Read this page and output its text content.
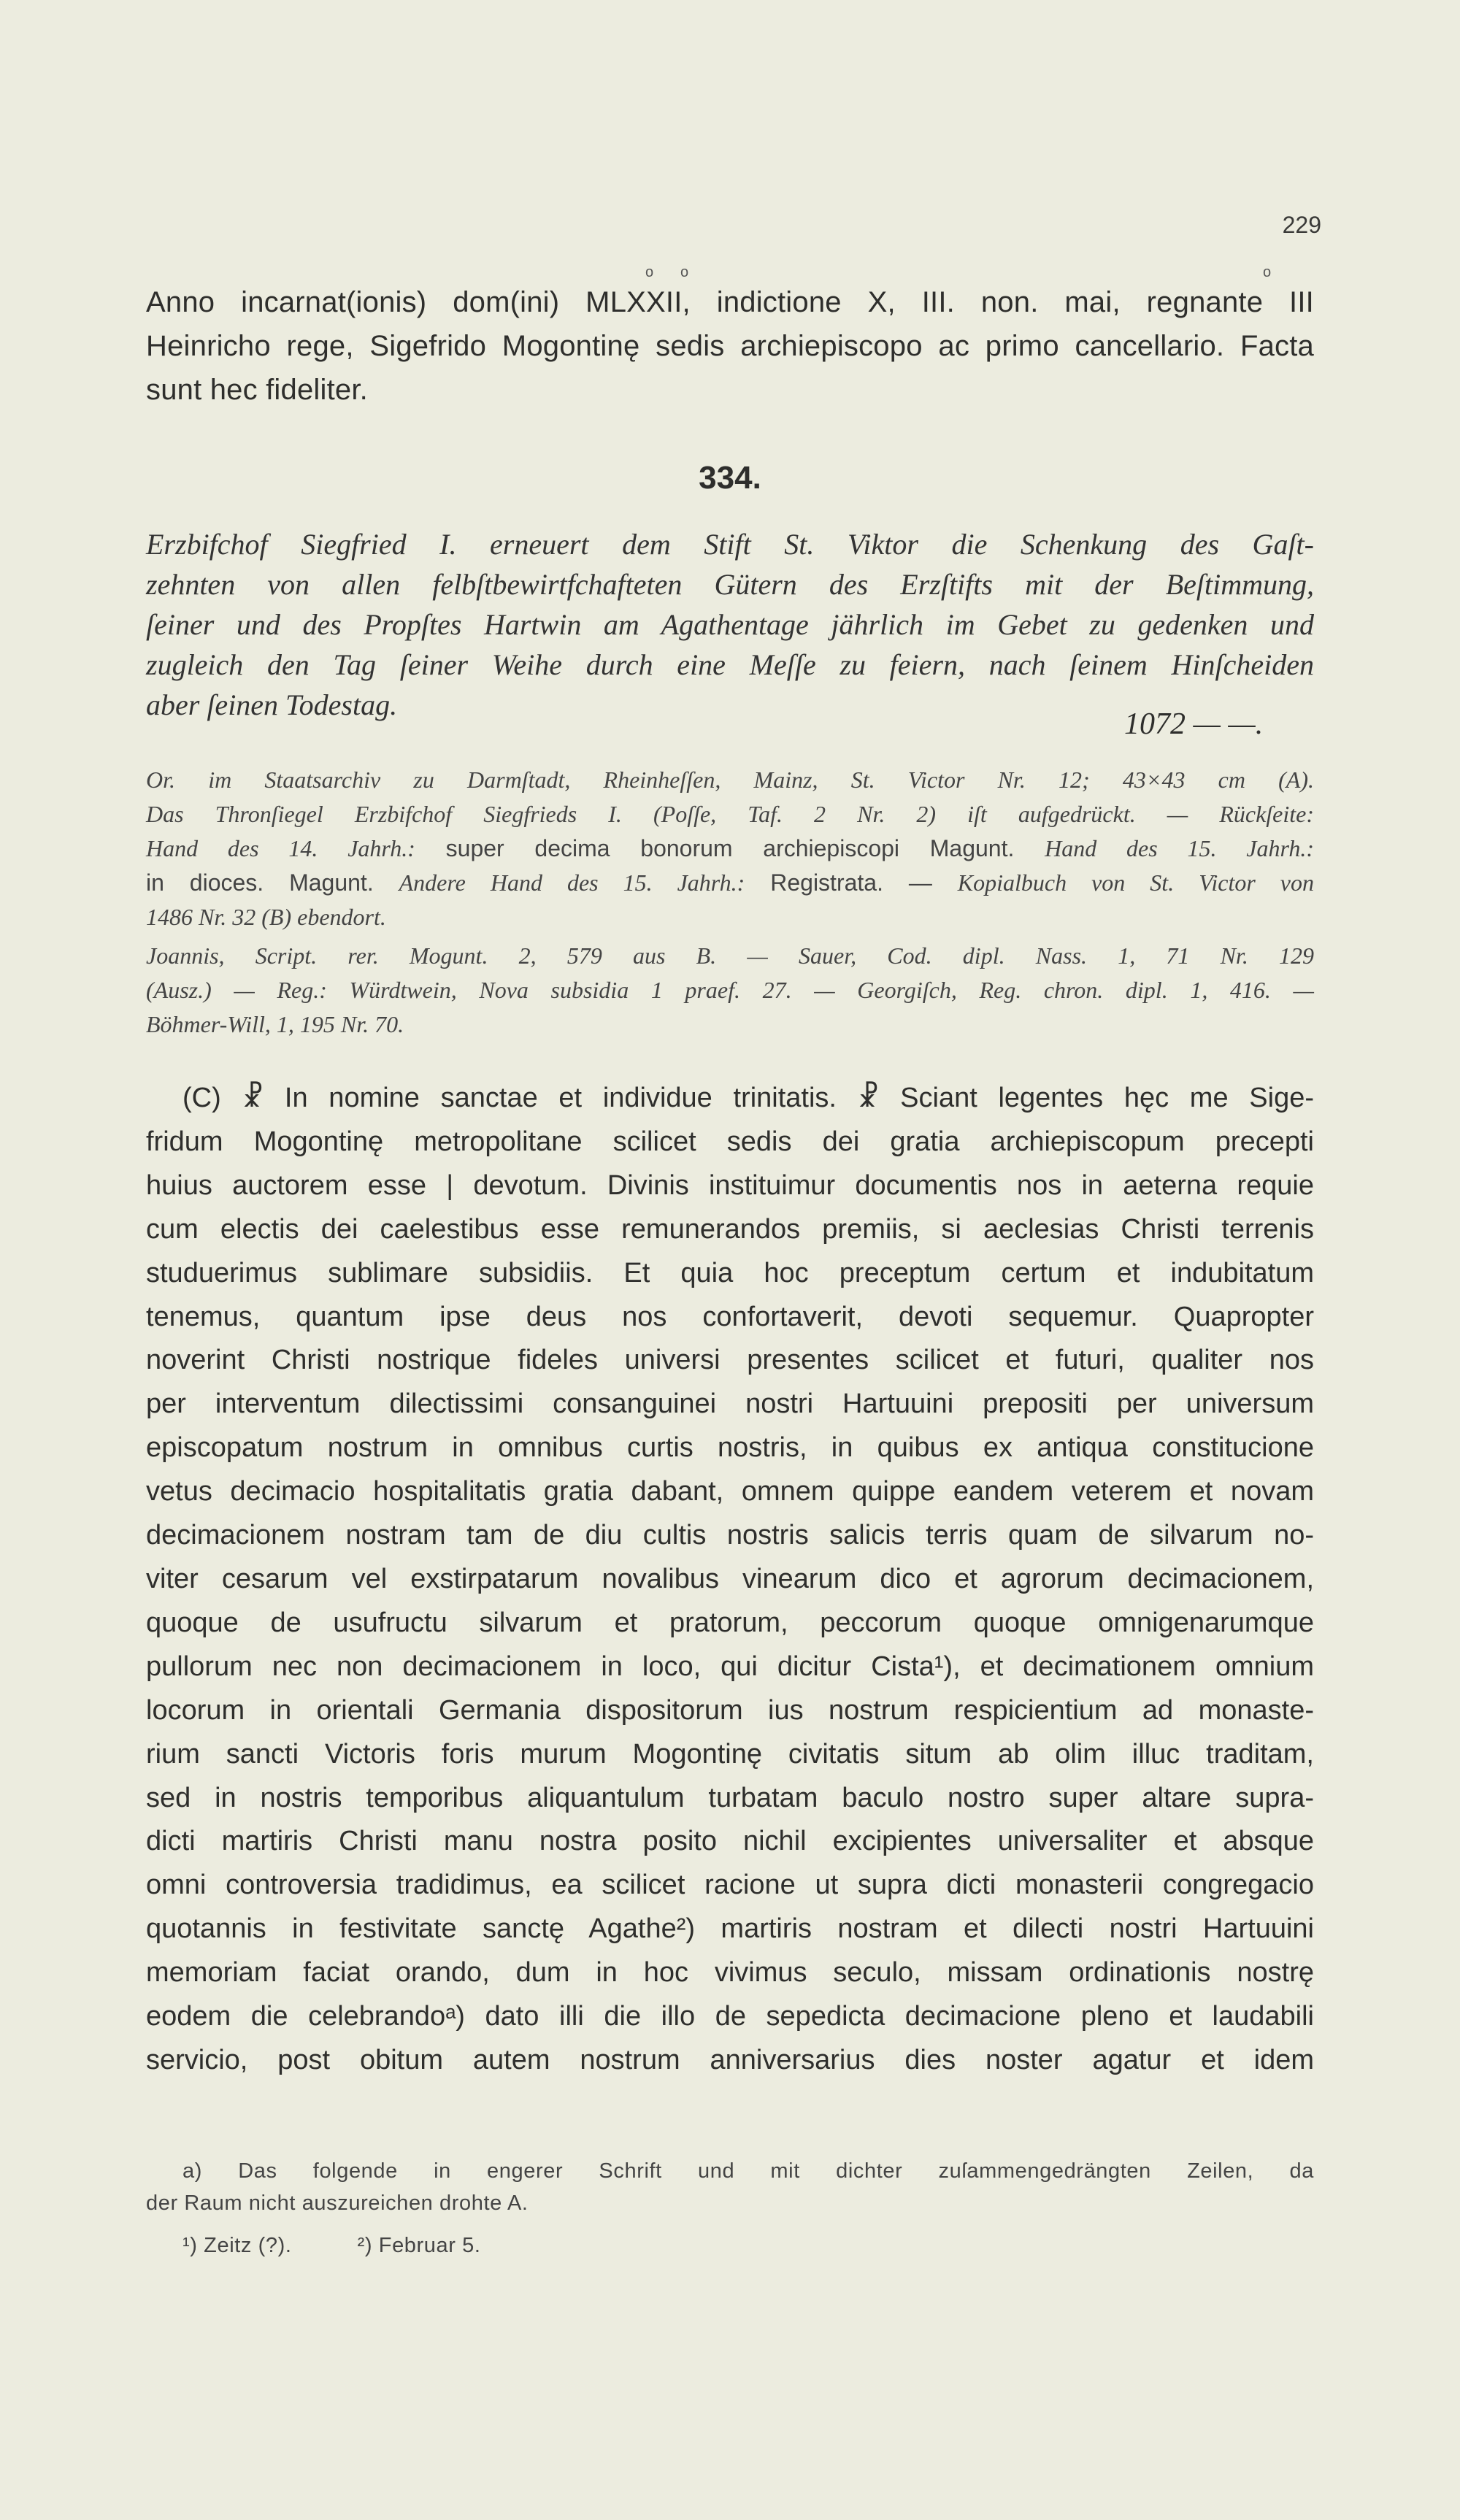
229
o o	o
Anno incarnat(ionis) dom(ini) MLXXII, indictione X, III. non. mai, regnante III
Heinricho rege, Sigefrido Mogontinę sedis archiepiscopo ac primo cancellario. Facta
sunt hec fideliter.
334.
Erzbifchof Siegfried I. erneuert dem Stift St. Viktor die Schenkung des Gaſt-
zehnten von allen felbſtbewirtfchafteten Gütern des Erzſtifts mit der Beſtimmung,
ſeiner und des Propſtes Hartwin am Agathentage jährlich im Gebet zu gedenken und
zugleich den Tag ſeiner Weihe durch eine Meſſe zu feiern, nach ſeinem Hinſcheiden
aber ſeinen Todestag.
1072 — —.
Or. im Staatsarchiv zu Darmſtadt, Rheinheſſen, Mainz, St. Victor Nr. 12; 43×43 cm (A).
Das Thronſiegel Erzbifchof Siegfrieds I. (Poſſe, Taf. 2 Nr. 2) iſt aufgedrückt. — Rückſeite:
Hand des 14. Jahrh.: super decima bonorum archiepiscopi Magunt. Hand des 15. Jahrh.:
in dioces. Magunt. Andere Hand des 15. Jahrh.: Registrata. — Kopialbuch von St. Victor von
1486 Nr. 32 (B) ebendort.
Joannis, Script. rer. Mogunt. 2, 579 aus B. — Sauer, Cod. dipl. Nass. 1, 71 Nr. 129
(Ausz.) — Reg.: Würdtwein, Nova subsidia 1 praef. 27. — Georgiſch, Reg. chron. dipl. 1, 416. —
Böhmer-Will, 1, 195 Nr. 70.
(C) ☧ In nomine sanctae et individue trinitatis. ☧ Sciant legentes hęc me Sige-
fridum Mogontinę metropolitane scilicet sedis dei gratia archiepiscopum precepti
huius auctorem esse | devotum. Divinis instituimur documentis nos in aeterna requie
cum electis dei caelestibus esse remunerandos premiis, si aeclesias Christi terrenis
studuerimus sublimare subsidiis. Et quia hoc preceptum certum et indubitatum
tenemus, quantum ipse deus nos confortaverit, devoti sequemur. Quapropter
noverint Christi nostrique fideles universi presentes scilicet et futuri, qualiter nos
per interventum dilectissimi consanguinei nostri Hartuuini prepositi per universum
episcopatum nostrum in omnibus curtis nostris, in quibus ex antiqua constitucione
vetus decimacio hospitalitatis gratia dabant, omnem quippe eandem veterem et novam
decimacionem nostram tam de diu cultis nostris salicis terris quam de silvarum no-
viter cesarum vel exstirpatarum novalibus vinearum dico et agrorum decimacionem,
quoque de usufructu silvarum et pratorum, peccorum quoque omnigenarumque
pullorum nec non decimacionem in loco, qui dicitur Cista¹), et decimationem omnium
locorum in orientali Germania dispositorum ius nostrum respicientium ad monaste-
rium sancti Victoris foris murum Mogontinę civitatis situm ab olim illuc traditam,
sed in nostris temporibus aliquantulum turbatam baculo nostro super altare supra-
dicti martiris Christi manu nostra posito nichil excipientes universaliter et absque
omni controversia tradidimus, ea scilicet racione ut supra dicti monasterii congregacio
quotannis in festivitate sanctę Agathe²) martiris nostram et dilecti nostri Hartuuini
memoriam faciat orando, dum in hoc vivimus seculo, missam ordinationis nostrę
eodem die celebrandoᵃ) dato illi die illo de sepedicta decimacione pleno et laudabili
servicio, post obitum autem nostrum anniversarius dies noster agatur et idem
a) Das folgende in engerer Schrift und mit dichter zuſammengedrängten Zeilen, da
der Raum nicht auszureichen drohte A.
¹) Zeitz (?).	²) Februar 5.
